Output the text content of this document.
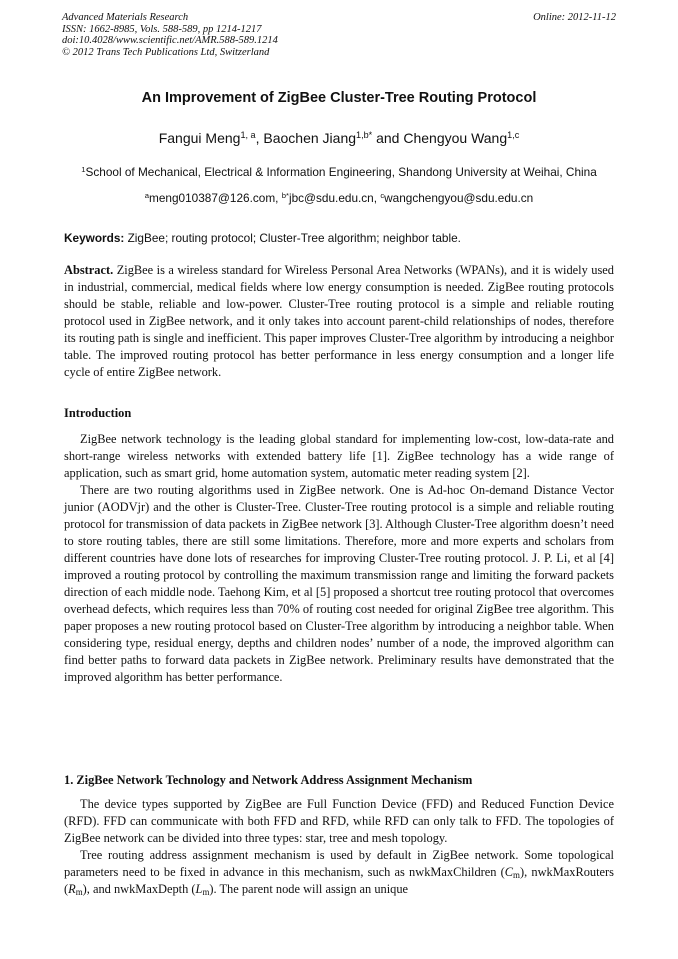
Advanced Materials Research
ISSN: 1662-8985, Vols. 588-589, pp 1214-1217
doi:10.4028/www.scientific.net/AMR.588-589.1214
© 2012 Trans Tech Publications Ltd, Switzerland
Online: 2012-11-12
An Improvement of ZigBee Cluster-Tree Routing Protocol
Fangui Meng$^{1, a}$, Baochen Jiang$^{1,b*}$ and Chengyou Wang$^{1,c}$
$^1$School of Mechanical, Electrical & Information Engineering, Shandong University at Weihai, China
$^a$meng010387@126.com, $^{b*}$jbc@sdu.edu.cn, $^c$wangchengyou@sdu.edu.cn
Keywords: ZigBee; routing protocol; Cluster-Tree algorithm; neighbor table.

Abstract. ZigBee is a wireless standard for Wireless Personal Area Networks (WPANs), and it is widely used in industrial, commercial, medical fields where low energy consumption is needed. ZigBee routing protocols should be stable, reliable and low-power. Cluster-Tree routing protocol is a simple and reliable routing protocol used in ZigBee network, and it only takes into account parent-child relationships of nodes, therefore its routing path is single and inefficient. This paper improves Cluster-Tree algorithm by introducing a neighbor table. The improved routing protocol has better performance in less energy consumption and a longer life cycle of entire ZigBee network.

Introduction

ZigBee network technology is the leading global standard for implementing low-cost, low-data-rate and short-range wireless networks with extended battery life [1]. ZigBee technology has a wide range of application, such as smart grid, home automation system, automatic meter reading system [2].

There are two routing algorithms used in ZigBee network. One is Ad-hoc On-demand Distance Vector junior (AODVjr) and the other is Cluster-Tree. Cluster-Tree routing protocol is a simple and reliable routing protocol for transmission of data packets in ZigBee network [3]. Although Cluster-Tree algorithm doesn’t need to store routing tables, there are still some limitations. Therefore, more and more experts and scholars from different countries have done lots of researches for improving Cluster-Tree routing protocol. J. P. Li, et al [4] improved a routing protocol by controlling the maximum transmission range and limiting the forward packets direction of each middle node. Taehong Kim, et al [5] proposed a shortcut tree routing protocol that overcomes overhead defects, which requires less than 70% of routing cost needed for original ZigBee tree algorithm. This paper proposes a new routing protocol based on Cluster-Tree algorithm by introducing a neighbor table. When considering type, residual energy, depths and children nodes’ number of a node, the improved algorithm can find better paths to forward data packets in ZigBee network. Preliminary results have demonstrated that the improved algorithm has better performance.

1. ZigBee Network Technology and Network Address Assignment Mechanism

The device types supported by ZigBee are Full Function Device (FFD) and Reduced Function Device (RFD). FFD can communicate with both FFD and RFD, while RFD can only talk to FFD. The topologies of ZigBee network can be divided into three types: star, tree and mesh topology.

Tree routing address assignment mechanism is used by default in ZigBee network. Some topological parameters need to be fixed in advance in this mechanism, such as nwkMaxChildren $(C_m)$, nwkMaxRouters $(R_m)$, and nwkMaxDepth $(L_m)$. The parent node will assign an unique
